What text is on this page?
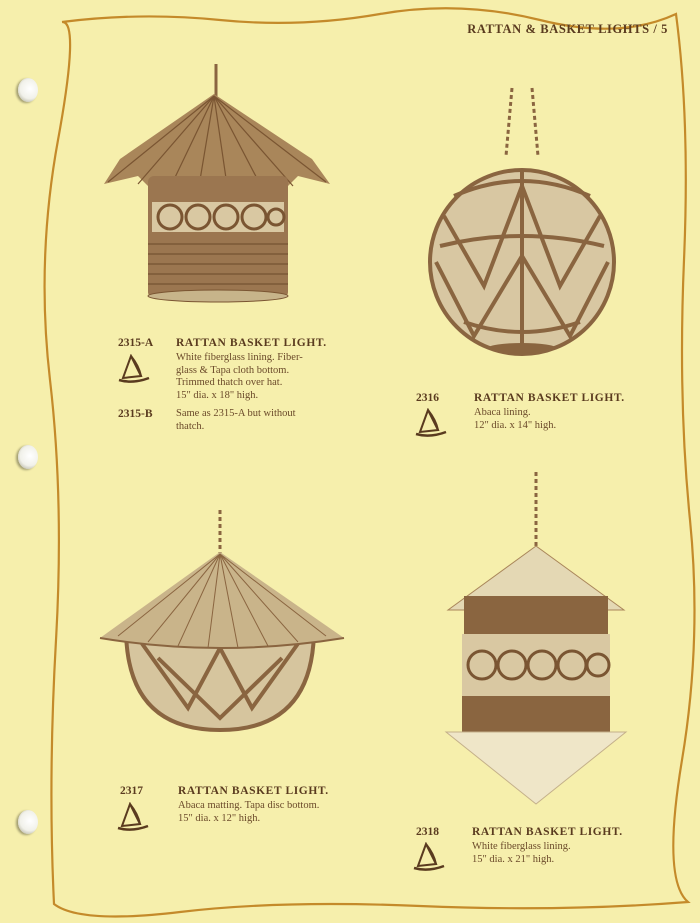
RATTAN & BASKET LIGHTS / 5
2315-A RATTAN BASKET LIGHT.
White fiberglass lining. Fiber-
glass & Tapa cloth bottom.
Trimmed thatch over hat.
15" dia. x 18" high.
2315-B Same as 2315-A but without
thatch.
2316	RATTAN BASKET LIGHT.
Abaca lining.
12" dia. x 14" high.
2317	RATTAN BASKET LIGHT.
Abaca matting. Tapa disc bottom.
15" dia. x 12" high.
2318	RATTAN BASKET LIGHT.
White fiberglass lining.
15" dia. x 21" high.
